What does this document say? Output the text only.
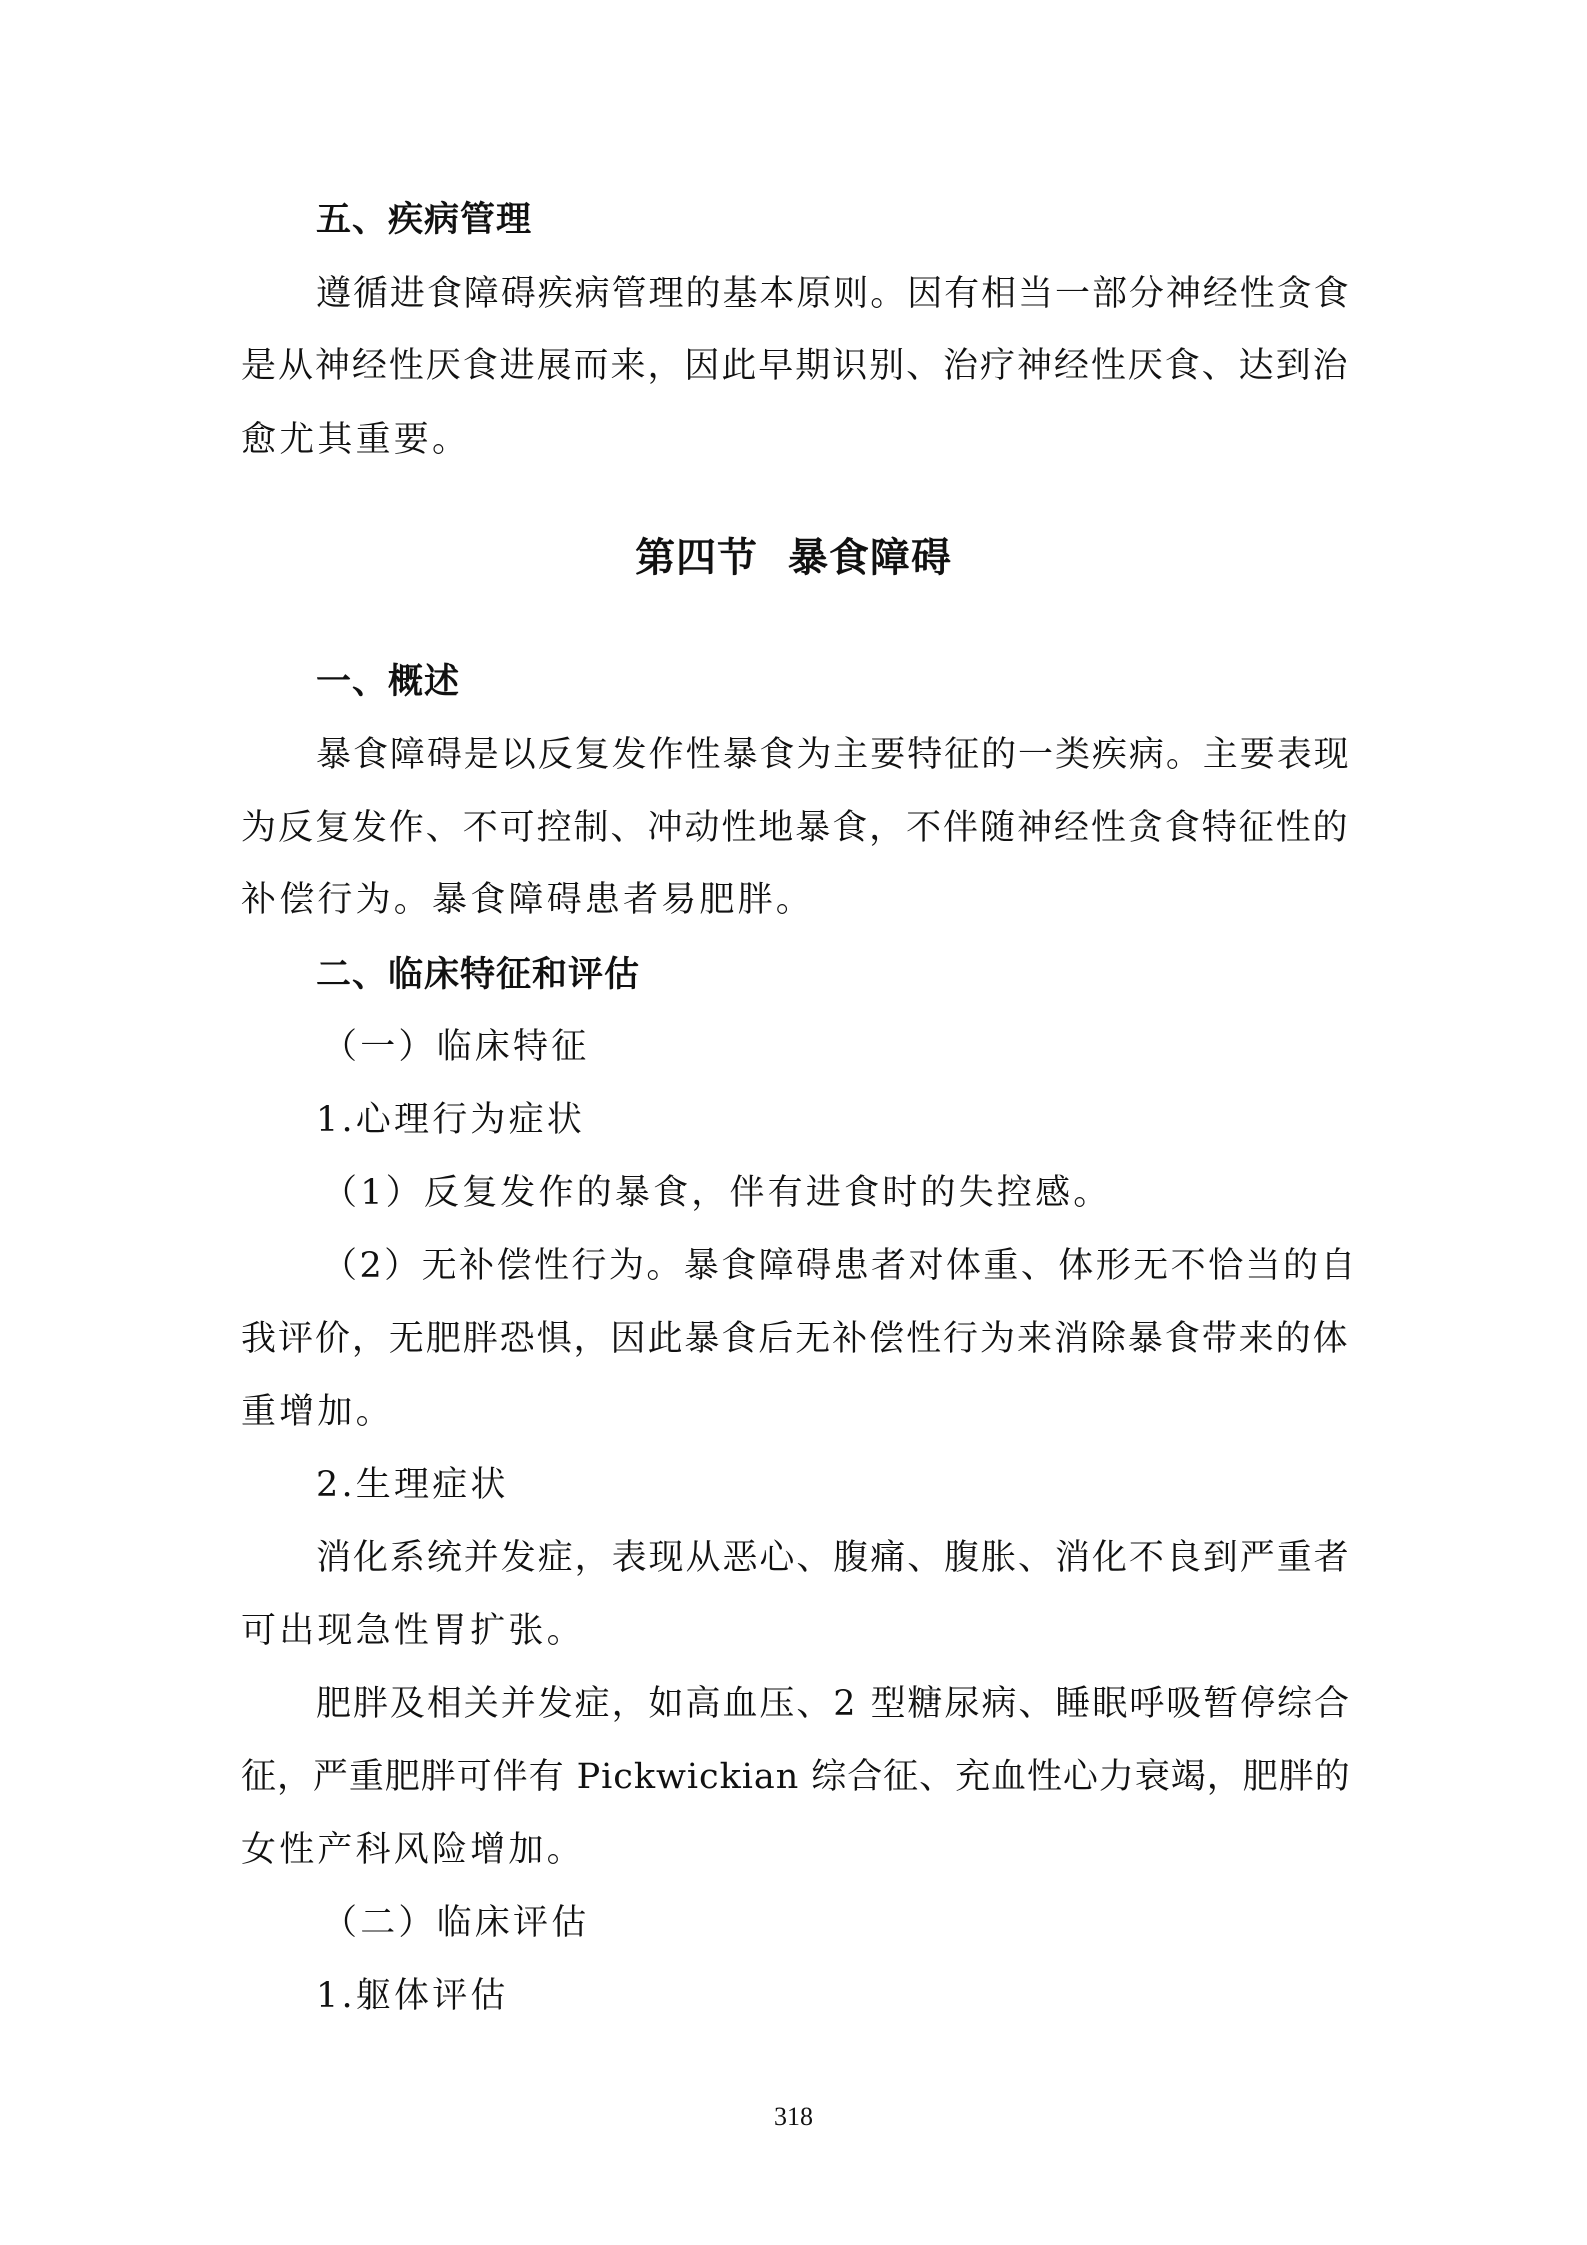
五、疾病管理
遵循进食障碍疾病管理的基本原则。因有相当一部分神经性贪食
是从神经性厌食进展而来，因此早期识别、治疗神经性厌食、达到治
愈尤其重要。
第四节  暴食障碍
一、概述
暴食障碍是以反复发作性暴食为主要特征的一类疾病。主要表现
为反复发作、不可控制、冲动性地暴食，不伴随神经性贪食特征性的
补偿行为。暴食障碍患者易肥胖。
二、临床特征和评估
（一）临床特征
1.心理行为症状
（1）反复发作的暴食，伴有进食时的失控感。
（2）无补偿性行为。暴食障碍患者对体重、体形无不恰当的自
我评价，无肥胖恐惧，因此暴食后无补偿性行为来消除暴食带来的体
重增加。
2.生理症状
消化系统并发症，表现从恶心、腹痛、腹胀、消化不良到严重者
可出现急性胃扩张。
肥胖及相关并发症，如高血压、2 型糖尿病、睡眠呼吸暂停综合
征，严重肥胖可伴有 Pickwickian 综合征、充血性心力衰竭，肥胖的
女性产科风险增加。
（二）临床评估
1.躯体评估
318
